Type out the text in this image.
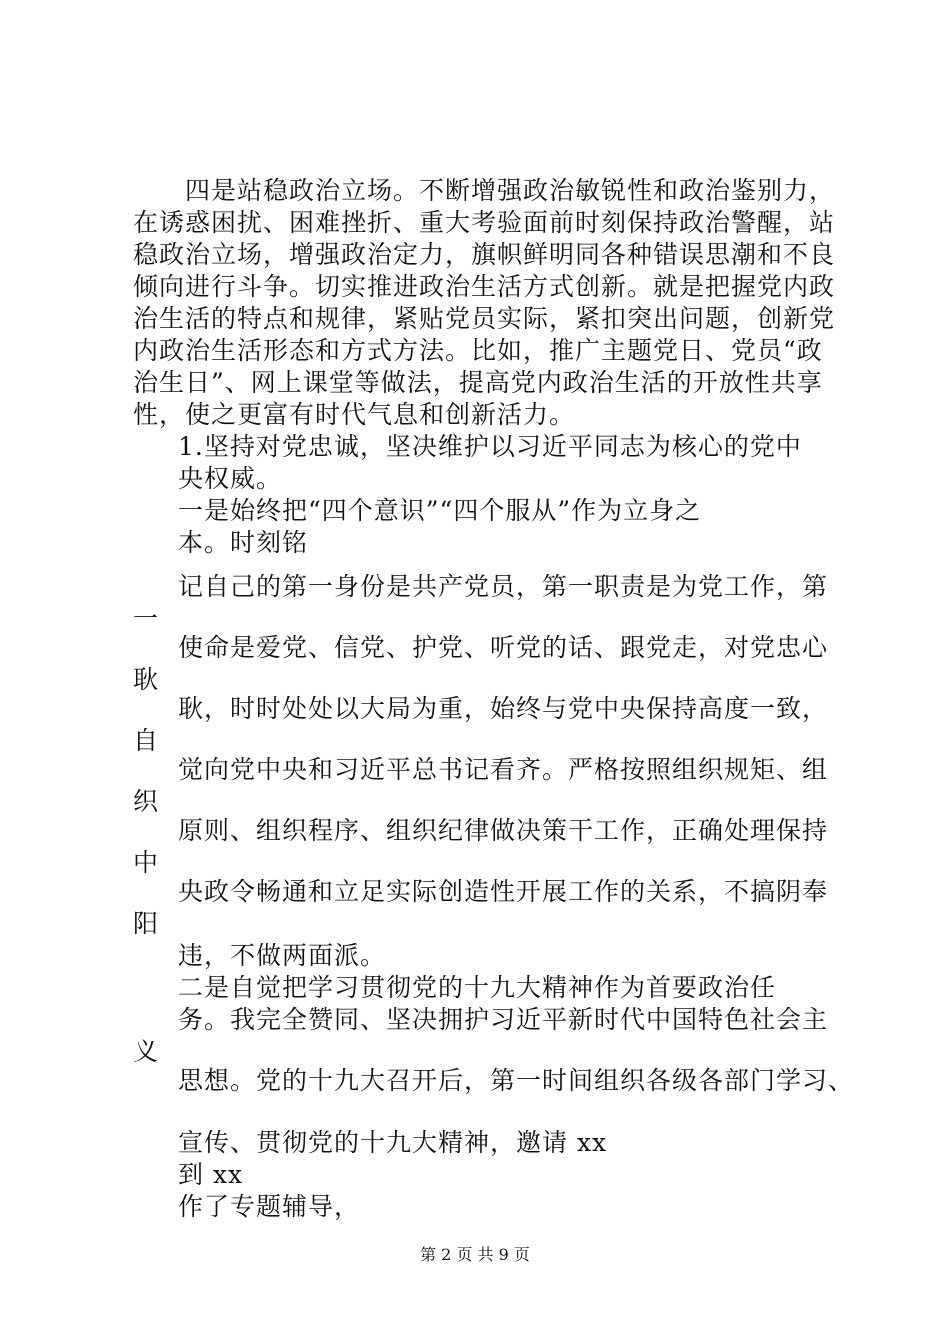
　　四是站稳政治立场。不断增强政治敏锐性和政治鉴别力，
在诱惑困扰、困难挫折、重大考验面前时刻保持政治警醒，站
稳政治立场，增强政治定力，旗帜鲜明同各种错误思潮和不良
倾向进行斗争。切实推进政治生活方式创新。就是把握党内政
治生活的特点和规律，紧贴党员实际，紧扣突出问题，创新党
内政治生活形态和方式方法。比如，推广主题党日、党员“政
治生日”、网上课堂等做法，提高党内政治生活的开放性共享
性，使之更富有时代气息和创新活力。
1.坚持对党忠诚，坚决维护以习近平同志为核心的党中
央权威。
一是始终把“四个意识”“四个服从”作为立身之
本。时刻铭
记自己的第一身份是共产党员，第一职责是为党工作，第
一
使命是爱党、信党、护党、听党的话、跟党走，对党忠心
耿
耿，时时处处以大局为重，始终与党中央保持高度一致，
自
觉向党中央和习近平总书记看齐。严格按照组织规矩、组
织
原则、组织程序、组织纪律做决策干工作，正确处理保持
中
央政令畅通和立足实际创造性开展工作的关系，不搞阴奉
阳
违，不做两面派。
二是自觉把学习贯彻党的十九大精神作为首要政治任
务。我完全赞同、坚决拥护习近平新时代中国特色社会主
义
思想。党的十九大召开后，第一时间组织各级各部门学习、
宣传、贯彻党的十九大精神，邀请 xx
到 xx
作了专题辅导，
第 2 页 共 9 页
